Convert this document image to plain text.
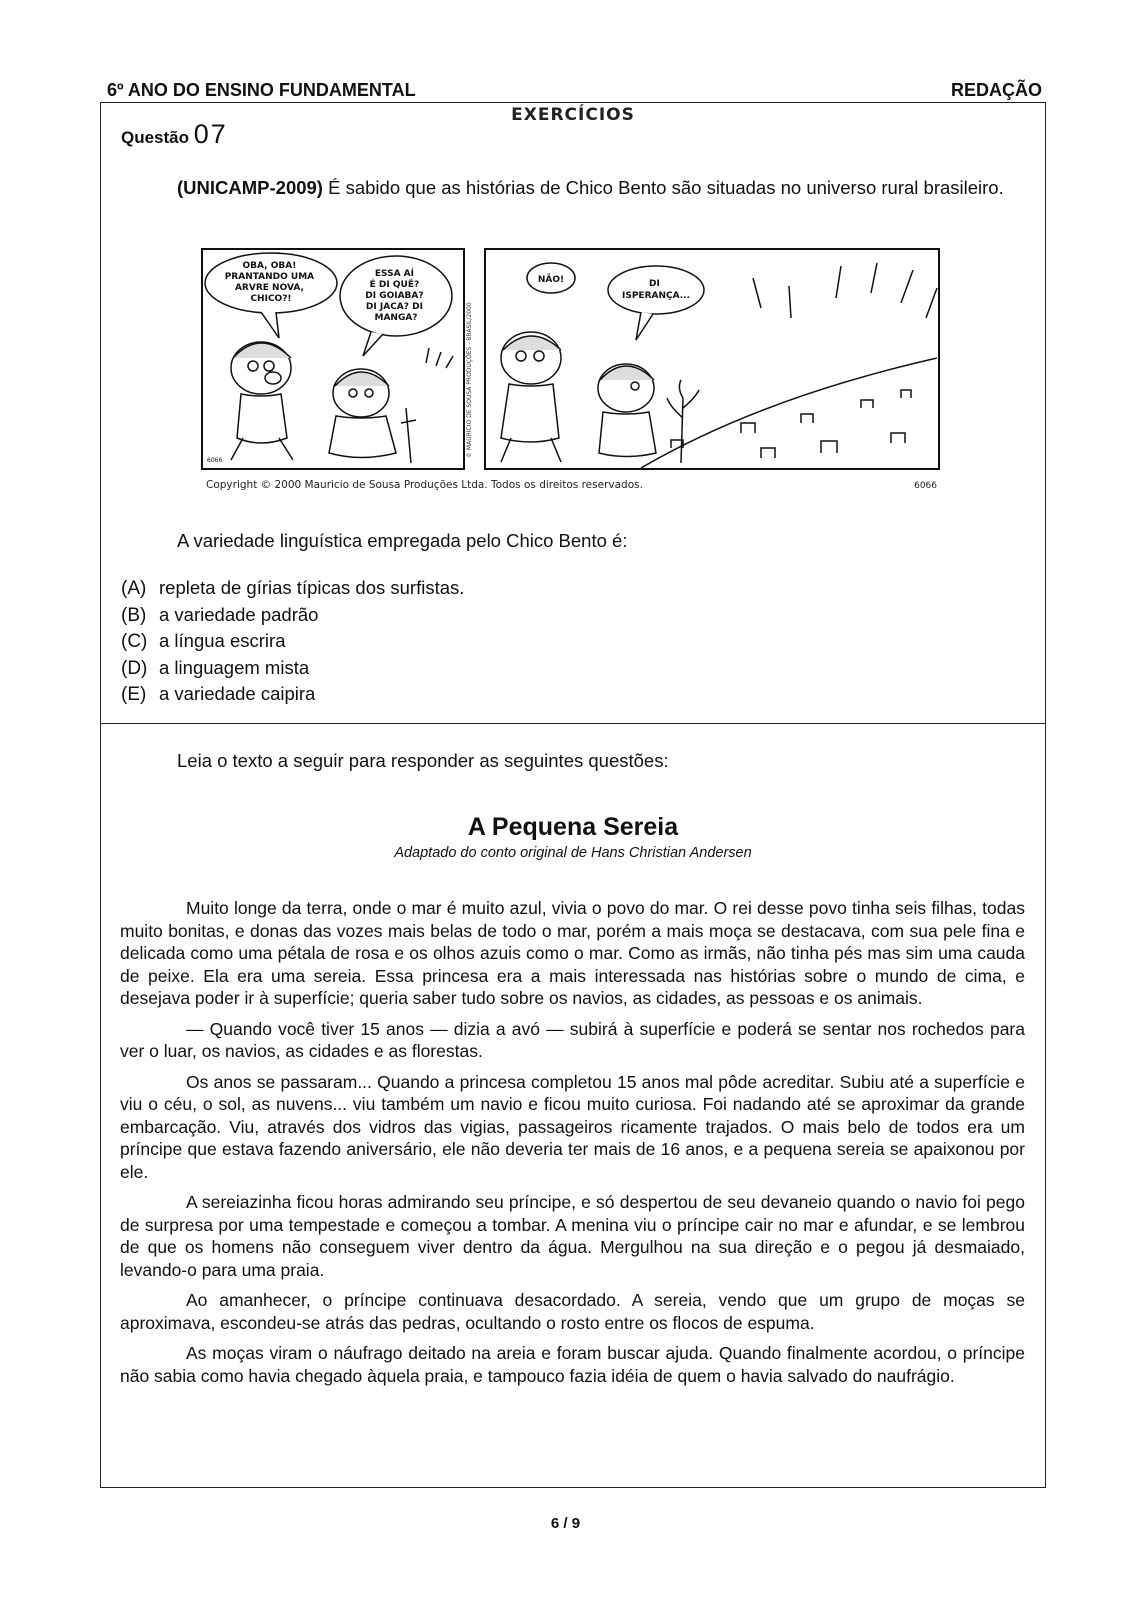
6º ANO DO ENSINO FUNDAMENTAL	REDAÇÃO
EXERCÍCIOS
Questão 07
(UNICAMP-2009) É sabido que as histórias de Chico Bento são situadas no universo rural brasileiro.
OBA, OBA! PRANTANDO UMA ARVRE NOVA, CHICO?!
ESSA AÍ É DI QUÊ? DI GOIABA? DI JACA? DI MANGA?
6066
© MAURICIO DE SOUSA PRODUÇÕES - BRASIL/2000
NÃO!	DI ISPERANÇA...
Copyright © 2000 Mauricio de Sousa Produções Ltda. Todos os direitos reservados.	6066
A variedade linguística empregada pelo Chico Bento é:
(A) repleta de gírias típicas dos surfistas.
(B) a variedade padrão
(C) a língua escrira
(D) a linguagem mista
(E) a variedade caipira
Leia o texto a seguir para responder as seguintes questões:
A Pequena Sereia
Adaptado do conto original de Hans Christian Andersen

Muito longe da terra, onde o mar é muito azul, vivia o povo do mar. O rei desse povo tinha seis filhas, todas muito bonitas, e donas das vozes mais belas de todo o mar, porém a mais moça se destacava, com sua pele fina e delicada como uma pétala de rosa e os olhos azuis como o mar. Como as irmãs, não tinha pés mas sim uma cauda de peixe. Ela era uma sereia. Essa princesa era a mais interessada nas histórias sobre o mundo de cima, e desejava poder ir à superfície; queria saber tudo sobre os navios, as cidades, as pessoas e os animais.

— Quando você tiver 15 anos — dizia a avó — subirá à superfície e poderá se sentar nos rochedos para ver o luar, os navios, as cidades e as florestas.

Os anos se passaram... Quando a princesa completou 15 anos mal pôde acreditar. Subiu até a superfície e viu o céu, o sol, as nuvens... viu também um navio e ficou muito curiosa. Foi nadando até se aproximar da grande embarcação. Viu, através dos vidros das vigias, passageiros ricamente trajados. O mais belo de todos era um príncipe que estava fazendo aniversário, ele não deveria ter mais de 16 anos, e a pequena sereia se apaixonou por ele.

A sereiazinha ficou horas admirando seu príncipe, e só despertou de seu devaneio quando o navio foi pego de surpresa por uma tempestade e começou a tombar. A menina viu o príncipe cair no mar e afundar, e se lembrou de que os homens não conseguem viver dentro da água. Mergulhou na sua direção e o pegou já desmaiado, levando-o para uma praia.

Ao amanhecer, o príncipe continuava desacordado. A sereia, vendo que um grupo de moças se aproximava, escondeu-se atrás das pedras, ocultando o rosto entre os flocos de espuma.

As moças viram o náufrago deitado na areia e foram buscar ajuda. Quando finalmente acordou, o príncipe não sabia como havia chegado àquela praia, e tampouco fazia idéia de quem o havia salvado do naufrágio.

6 / 9
